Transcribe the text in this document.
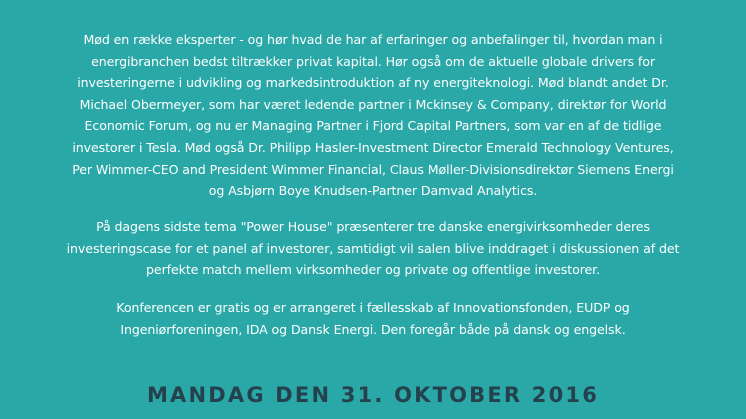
Mød en række eksperter - og hør hvad de har af erfaringer og anbefalinger til, hvordan man i
energibranchen bedst tiltrækker privat kapital. Hør også om de aktuelle globale drivers for
investeringerne i udvikling og markedsintroduktion af ny energiteknologi. Mød blandt andet Dr.
Michael Obermeyer, som har været ledende partner i Mckinsey & Company, direktør for World
Economic Forum, og nu er Managing Partner i Fjord Capital Partners, som var en af de tidlige
investorer i Tesla. Mød også Dr. Philipp Hasler-Investment Director Emerald Technology Ventures,
Per Wimmer-CEO and President Wimmer Financial, Claus Møller-Divisionsdirektør Siemens Energi
og Asbjørn Boye Knudsen-Partner Damvad Analytics.

På dagens sidste tema "Power House" præsenterer tre danske energivirksomheder deres
investeringscase for et panel af investorer, samtidigt vil salen blive inddraget i diskussionen af det
perfekte match mellem virksomheder og private og offentlige investorer.

Konferencen er gratis og er arrangeret i fællesskab af Innovationsfonden, EUDP og
Ingeniørforeningen, IDA og Dansk Energi. Den foregår både på dansk og engelsk.

MANDAG DEN 31. OKTOBER 2016
